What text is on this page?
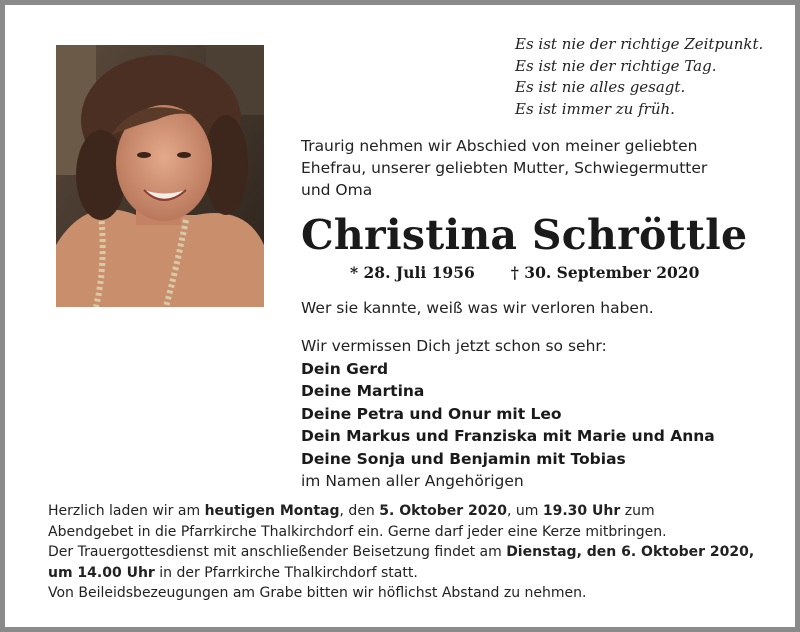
Es ist nie der richtige Zeitpunkt.
Es ist nie der richtige Tag.
Es ist nie alles gesagt.
Es ist immer zu früh.
Traurig nehmen wir Abschied von meiner geliebten
Ehefrau, unserer geliebten Mutter, Schwiegermutter
und Oma
Christina Schröttle
* 28. Juli 1956 † 30. September 2020
Wer sie kannte, weiß was wir verloren haben.
Wir vermissen Dich jetzt schon so sehr:
Dein Gerd
Deine Martina
Deine Petra und Onur mit Leo
Dein Markus und Franziska mit Marie und Anna
Deine Sonja und Benjamin mit Tobias
im Namen aller Angehörigen
Herzlich laden wir am heutigen Montag, den 5. Oktober 2020, um 19.30 Uhr zum
Abendgebet in die Pfarrkirche Thalkirchdorf ein. Gerne darf jeder eine Kerze mitbringen.
Der Trauergottesdienst mit anschließender Beisetzung findet am Dienstag, den 6. Oktober 2020,
um 14.00 Uhr in der Pfarrkirche Thalkirchdorf statt.
Von Beileidsbezeugungen am Grabe bitten wir höflichst Abstand zu nehmen.
